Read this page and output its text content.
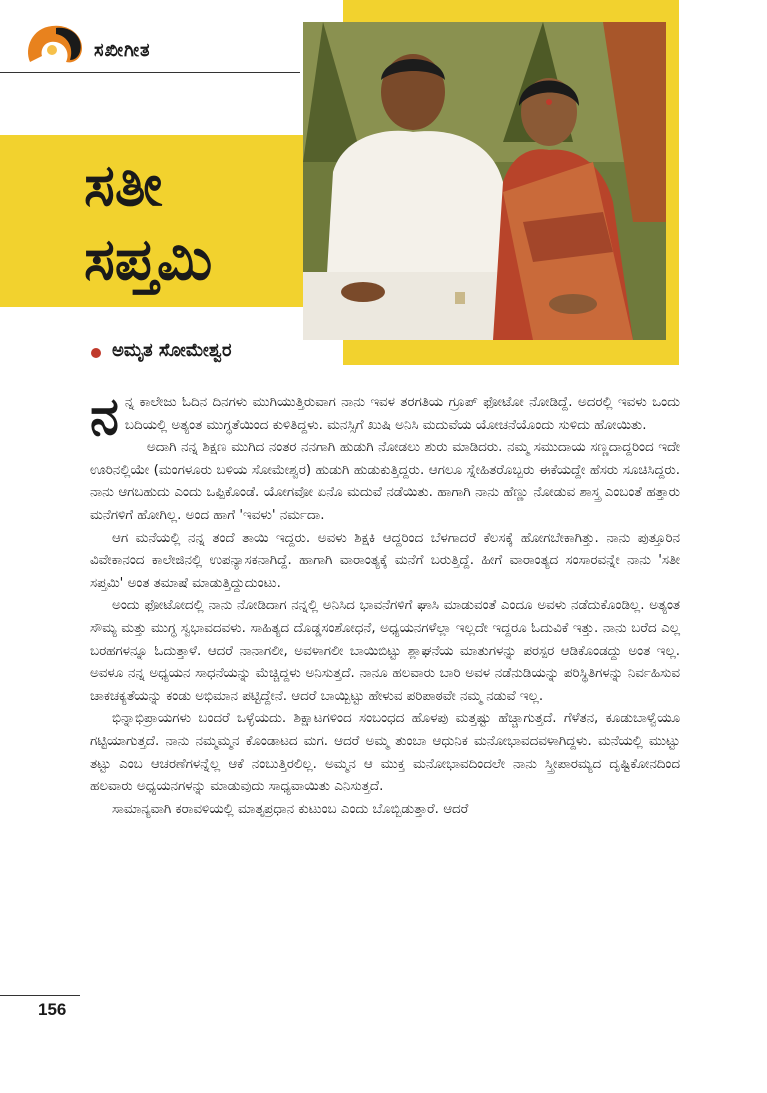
ಸಖೀಗೀತ
ಸತೀ
ಸಪ್ತಮಿ
ಅಮೃತ ಸೋಮೇಶ್ವರ

ನನ್ನ ಕಾಲೇಜು ಓದಿನ ದಿನಗಳು ಮುಗಿಯುತ್ತಿರುವಾಗ ನಾನು ಇವಳ ತರಗತಿಯ ಗ್ರೂಪ್ ಫೋಟೋ ನೋಡಿದ್ದೆ. ಅದರಲ್ಲಿ ಇವಳು ಒಂದು ಬದಿಯಲ್ಲಿ ಅತ್ಯಂತ ಮುಗ್ಧತೆಯಿಂದ ಕುಳಿತಿದ್ದಳು. ಮನಸ್ಸಿಗೆ ಖುಷಿ ಅನಿಸಿ ಮದುವೆಯ ಯೋಚನೆಯೊಂದು ಸುಳಿದು ಹೋಯಿತು.

ಅದಾಗಿ ನನ್ನ ಶಿಕ್ಷಣ ಮುಗಿದ ನಂತರ ನನಗಾಗಿ ಹುಡುಗಿ ನೋಡಲು ಶುರು ಮಾಡಿದರು. ನಮ್ಮ ಸಮುದಾಯ ಸಣ್ಣದಾದ್ದರಿಂದ ಇದೇ ಊರಿನಲ್ಲಿಯೇ (ಮಂಗಳೂರು ಬಳಿಯ ಸೋಮೇಶ್ವರ) ಹುಡುಗಿ ಹುಡುಕುತ್ತಿದ್ದರು. ಆಗಲೂ ಸ್ನೇಹಿತರೊಬ್ಬರು ಈಕೆಯದ್ದೇ ಹೆಸರು ಸೂಚಿಸಿದ್ದರು. ನಾನು ಆಗಬಹುದು ಎಂದು ಒಪ್ಪಿಕೊಂಡೆ. ಯೋಗವೋ ಏನೊ ಮದುವೆ ನಡೆಯಿತು. ಹಾಗಾಗಿ ನಾನು ಹೆಣ್ಣು ನೋಡುವ ಶಾಸ್ತ್ರ ಎಂಬಂತೆ ಹತ್ತಾರು ಮನೆಗಳಿಗೆ ಹೋಗಿಲ್ಲ. ಅಂದ ಹಾಗೆ 'ಇವಳು' ನರ್ಮದಾ.

ಆಗ ಮನೆಯಲ್ಲಿ ನನ್ನ ತಂದೆ ತಾಯಿ ಇದ್ದರು. ಅವಳು ಶಿಕ್ಷಕಿ ಆದ್ದರಿಂದ ಬೆಳಗಾದರೆ ಕೆಲಸಕ್ಕೆ ಹೋಗಬೇಕಾಗಿತ್ತು. ನಾನು ಪುತ್ತೂರಿನ ವಿವೇಕಾನಂದ ಕಾಲೇಜಿನಲ್ಲಿ ಉಪನ್ಯಾಸಕನಾಗಿದ್ದೆ. ಹಾಗಾಗಿ ವಾರಾಂತ್ಯಕ್ಕೆ ಮನೆಗೆ ಬರುತ್ತಿದ್ದೆ. ಹೀಗೆ ವಾರಾಂತ್ಯದ ಸಂಸಾರವನ್ನೇ ನಾನು 'ಸತೀ ಸಪ್ತಮಿ' ಅಂತ ತಮಾಷೆ ಮಾಡುತ್ತಿದ್ದುದುಂಟು.

ಅಂದು ಫೋಟೋದಲ್ಲಿ ನಾನು ನೋಡಿದಾಗ ನನ್ನಲ್ಲಿ ಅನಿಸಿದ ಭಾವನೆಗಳಿಗೆ ಘಾಸಿ ಮಾಡುವಂತೆ ಎಂದೂ ಅವಳು ನಡೆದುಕೊಂಡಿಲ್ಲ. ಅತ್ಯಂತ ಸೌಮ್ಯ ಮತ್ತು ಮುಗ್ಧ ಸ್ವಭಾವದವಳು. ಸಾಹಿತ್ಯದ ದೊಡ್ಡಸಂಶೋಧನೆ, ಅಧ್ಯಯನಗಳೆಲ್ಲಾ ಇಲ್ಲದೇ ಇದ್ದರೂ ಓದುವಿಕೆ ಇತ್ತು. ನಾನು ಬರೆದ ಎಲ್ಲ ಬರಹಗಳನ್ನೂ ಓದುತ್ತಾಳೆ. ಆದರೆ ನಾನಾಗಲೀ, ಅವಳಾಗಲೀ ಬಾಯಿಬಿಟ್ಟು ಶ್ಲಾಘನೆಯ ಮಾತುಗಳನ್ನು ಪರಸ್ಪರ ಆಡಿಕೊಂಡದ್ದು ಅಂತ ಇಲ್ಲ. ಅವಳೂ ನನ್ನ ಅಧ್ಯಯನ ಸಾಧನೆಯನ್ನು ಮೆಚ್ಚಿದ್ದಳು ಅನಿಸುತ್ತದೆ. ನಾನೂ ಹಲವಾರು ಬಾರಿ ಅವಳ ನಡೆನುಡಿಯನ್ನು ಪರಿಸ್ಥಿತಿಗಳನ್ನು ನಿರ್ವಹಿಸುವ ಚಾಕಚಕ್ಯತೆಯನ್ನು ಕಂಡು ಅಭಿಮಾನ ಪಟ್ಟಿದ್ದೇನೆ. ಆದರೆ ಬಾಯ್ಬಿಟ್ಟು ಹೇಳುವ ಪರಿಪಾಠವೇ ನಮ್ಮ ನಡುವೆ ಇಲ್ಲ.

ಭಿನ್ನಾಭಿಪ್ರಾಯಗಳು ಬಂದರೆ ಒಳ್ಳೆಯದು. ಶಿಕ್ಷಾಟಗಳಿಂದ ಸಂಬಂಧದ ಹೊಳಪು ಮತ್ತಷ್ಟು ಹೆಚ್ಚಾಗುತ್ತದೆ. ಗೆಳೆತನ, ಕೂಡುಬಾಳ್ವೆಯೂ ಗಟ್ಟಿಯಾಗುತ್ತದೆ. ನಾನು ನಮ್ಮಮ್ಮನ ಕೊಂಡಾಟದ ಮಗ. ಆದರೆ ಅಮ್ಮ ತುಂಬಾ ಆಧುನಿಕ ಮನೋಭಾವದವಳಾಗಿದ್ದಳು. ಮನೆಯಲ್ಲಿ ಮುಟ್ಟು ತಟ್ಟು ಎಂಬ ಆಚರಣೆಗಳನ್ನೆಲ್ಲ ಆಕೆ ನಂಬುತ್ತಿರಲಿಲ್ಲ. ಅಮ್ಮನ ಆ ಮುಕ್ತ ಮನೋಭಾವದಿಂದಲೇ ನಾನು ಸ್ತ್ರೀಪಾರಮ್ಯದ ದೃಷ್ಟಿಕೋನದಿಂದ ಹಲವಾರು ಅಧ್ಯಯನಗಳನ್ನು ಮಾಡುವುದು ಸಾಧ್ಯವಾಯಿತು ಎನಿಸುತ್ತದೆ.

ಸಾಮಾನ್ಯವಾಗಿ ಕರಾವಳಿಯಲ್ಲಿ ಮಾತೃಪ್ರಧಾನ ಕುಟುಂಬ ಎಂದು ಬೊಬ್ಬಿಡುತ್ತಾರೆ. ಆದರೆ

156
